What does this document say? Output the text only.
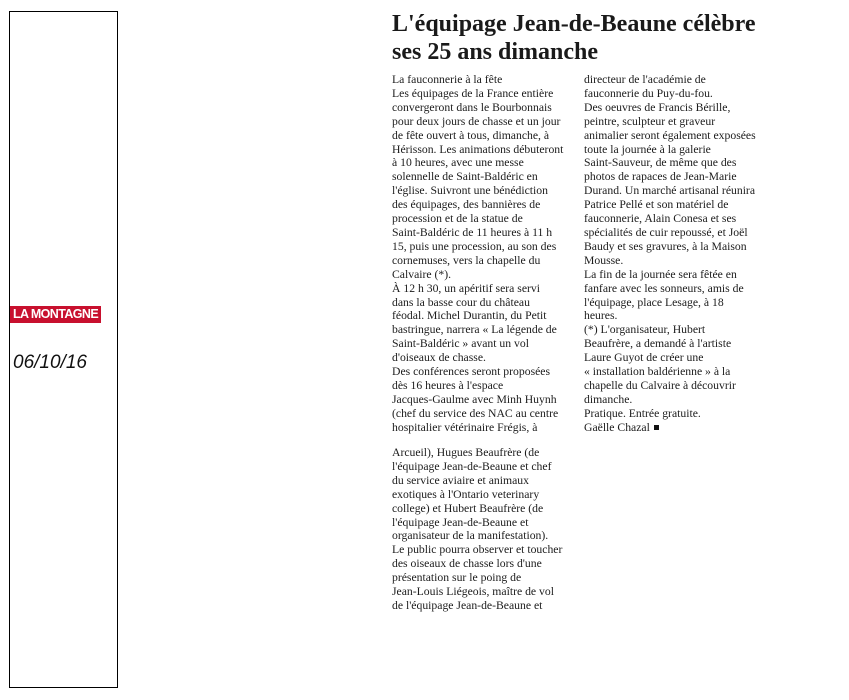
LA MONTAGNE
06/10/16
L'équipage Jean-de-Beaune célèbre ses 25 ans dimanche

La fauconnerie à la fête

Les équipages de la France entière

convergeront dans le Bourbonnais

pour deux jours de chasse et un jour

de fête ouvert à tous, dimanche, à

Hérisson. Les animations débuteront

à 10 heures, avec une messe

solennelle de Saint-Baldéric en

l'église. Suivront une bénédiction

des équipages, des bannières de

procession et de la statue de

Saint-Baldéric de 11 heures à 11 h

15, puis une procession, au son des

cornemuses, vers la chapelle du

Calvaire (*).

À 12 h 30, un apéritif sera servi

dans la basse cour du château

féodal. Michel Durantin, du Petit

bastringue, narrera « La légende de

Saint-Baldéric » avant un vol

d'oiseaux de chasse.

Des conférences seront proposées

dès 16 heures à l'espace

Jacques-Gaulme avec Minh Huynh

(chef du service des NAC au centre

hospitalier vétérinaire Frégis, à

Arcueil), Hugues Beaufrère (de

l'équipage Jean-de-Beaune et chef

du service aviaire et animaux

exotiques à l'Ontario veterinary

college) et Hubert Beaufrère (de

l'équipage Jean-de-Beaune et

organisateur de la manifestation).

Le public pourra observer et toucher

des oiseaux de chasse lors d'une

présentation sur le poing de

Jean-Louis Liégeois, maître de vol

de l'équipage Jean-de-Beaune et

directeur de l'académie de

fauconnerie du Puy-du-fou.

Des oeuvres de Francis Bérille,

peintre, sculpteur et graveur

animalier seront également exposées

toute la journée à la galerie

Saint-Sauveur, de même que des

photos de rapaces de Jean-Marie

Durand. Un marché artisanal réunira

Patrice Pellé et son matériel de

fauconnerie, Alain Conesa et ses

spécialités de cuir repoussé, et Joël

Baudy et ses gravures, à la Maison

Mousse.

La fin de la journée sera fêtée en

fanfare avec les sonneurs, amis de

l'équipage, place Lesage, à 18

heures.

(*) L'organisateur, Hubert

Beaufrère, a demandé à l'artiste

Laure Guyot de créer une

« installation baldérienne » à la

chapelle du Calvaire à découvrir

dimanche.

Pratique. Entrée gratuite.

Gaëlle Chazal
